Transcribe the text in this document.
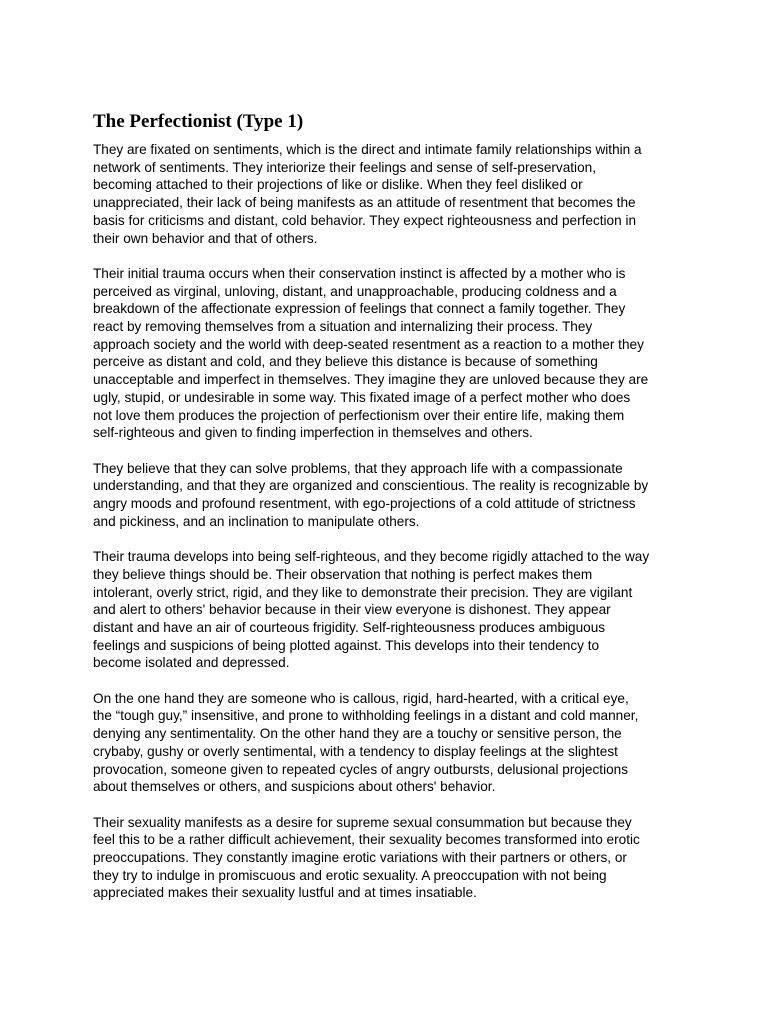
The Perfectionist (Type 1)

They are fixated on sentiments, which is the direct and intimate family relationships within a
network of sentiments. They interiorize their feelings and sense of self-preservation,
becoming attached to their projections of like or dislike. When they feel disliked or
unappreciated, their lack of being manifests as an attitude of resentment that becomes the
basis for criticisms and distant, cold behavior. They expect righteousness and perfection in
their own behavior and that of others.

Their initial trauma occurs when their conservation instinct is affected by a mother who is
perceived as virginal, unloving, distant, and unapproachable, producing coldness and a
breakdown of the affectionate expression of feelings that connect a family together. They
react by removing themselves from a situation and internalizing their process. They
approach society and the world with deep-seated resentment as a reaction to a mother they
perceive as distant and cold, and they believe this distance is because of something
unacceptable and imperfect in themselves. They imagine they are unloved because they are
ugly, stupid, or undesirable in some way. This fixated image of a perfect mother who does
not love them produces the projection of perfectionism over their entire life, making them
self-righteous and given to finding imperfection in themselves and others.

They believe that they can solve problems, that they approach life with a compassionate
understanding, and that they are organized and conscientious. The reality is recognizable by
angry moods and profound resentment, with ego-projections of a cold attitude of strictness
and pickiness, and an inclination to manipulate others.

Their trauma develops into being self-righteous, and they become rigidly attached to the way
they believe things should be. Their observation that nothing is perfect makes them
intolerant, overly strict, rigid, and they like to demonstrate their precision. They are vigilant
and alert to others' behavior because in their view everyone is dishonest. They appear
distant and have an air of courteous frigidity. Self-righteousness produces ambiguous
feelings and suspicions of being plotted against. This develops into their tendency to
become isolated and depressed.

On the one hand they are someone who is callous, rigid, hard-hearted, with a critical eye,
the “tough guy,” insensitive, and prone to withholding feelings in a distant and cold manner,
denying any sentimentality. On the other hand they are a touchy or sensitive person, the
crybaby, gushy or overly sentimental, with a tendency to display feelings at the slightest
provocation, someone given to repeated cycles of angry outbursts, delusional projections
about themselves or others, and suspicions about others' behavior.

Their sexuality manifests as a desire for supreme sexual consummation but because they
feel this to be a rather difficult achievement, their sexuality becomes transformed into erotic
preoccupations. They constantly imagine erotic variations with their partners or others, or
they try to indulge in promiscuous and erotic sexuality. A preoccupation with not being
appreciated makes their sexuality lustful and at times insatiable.
